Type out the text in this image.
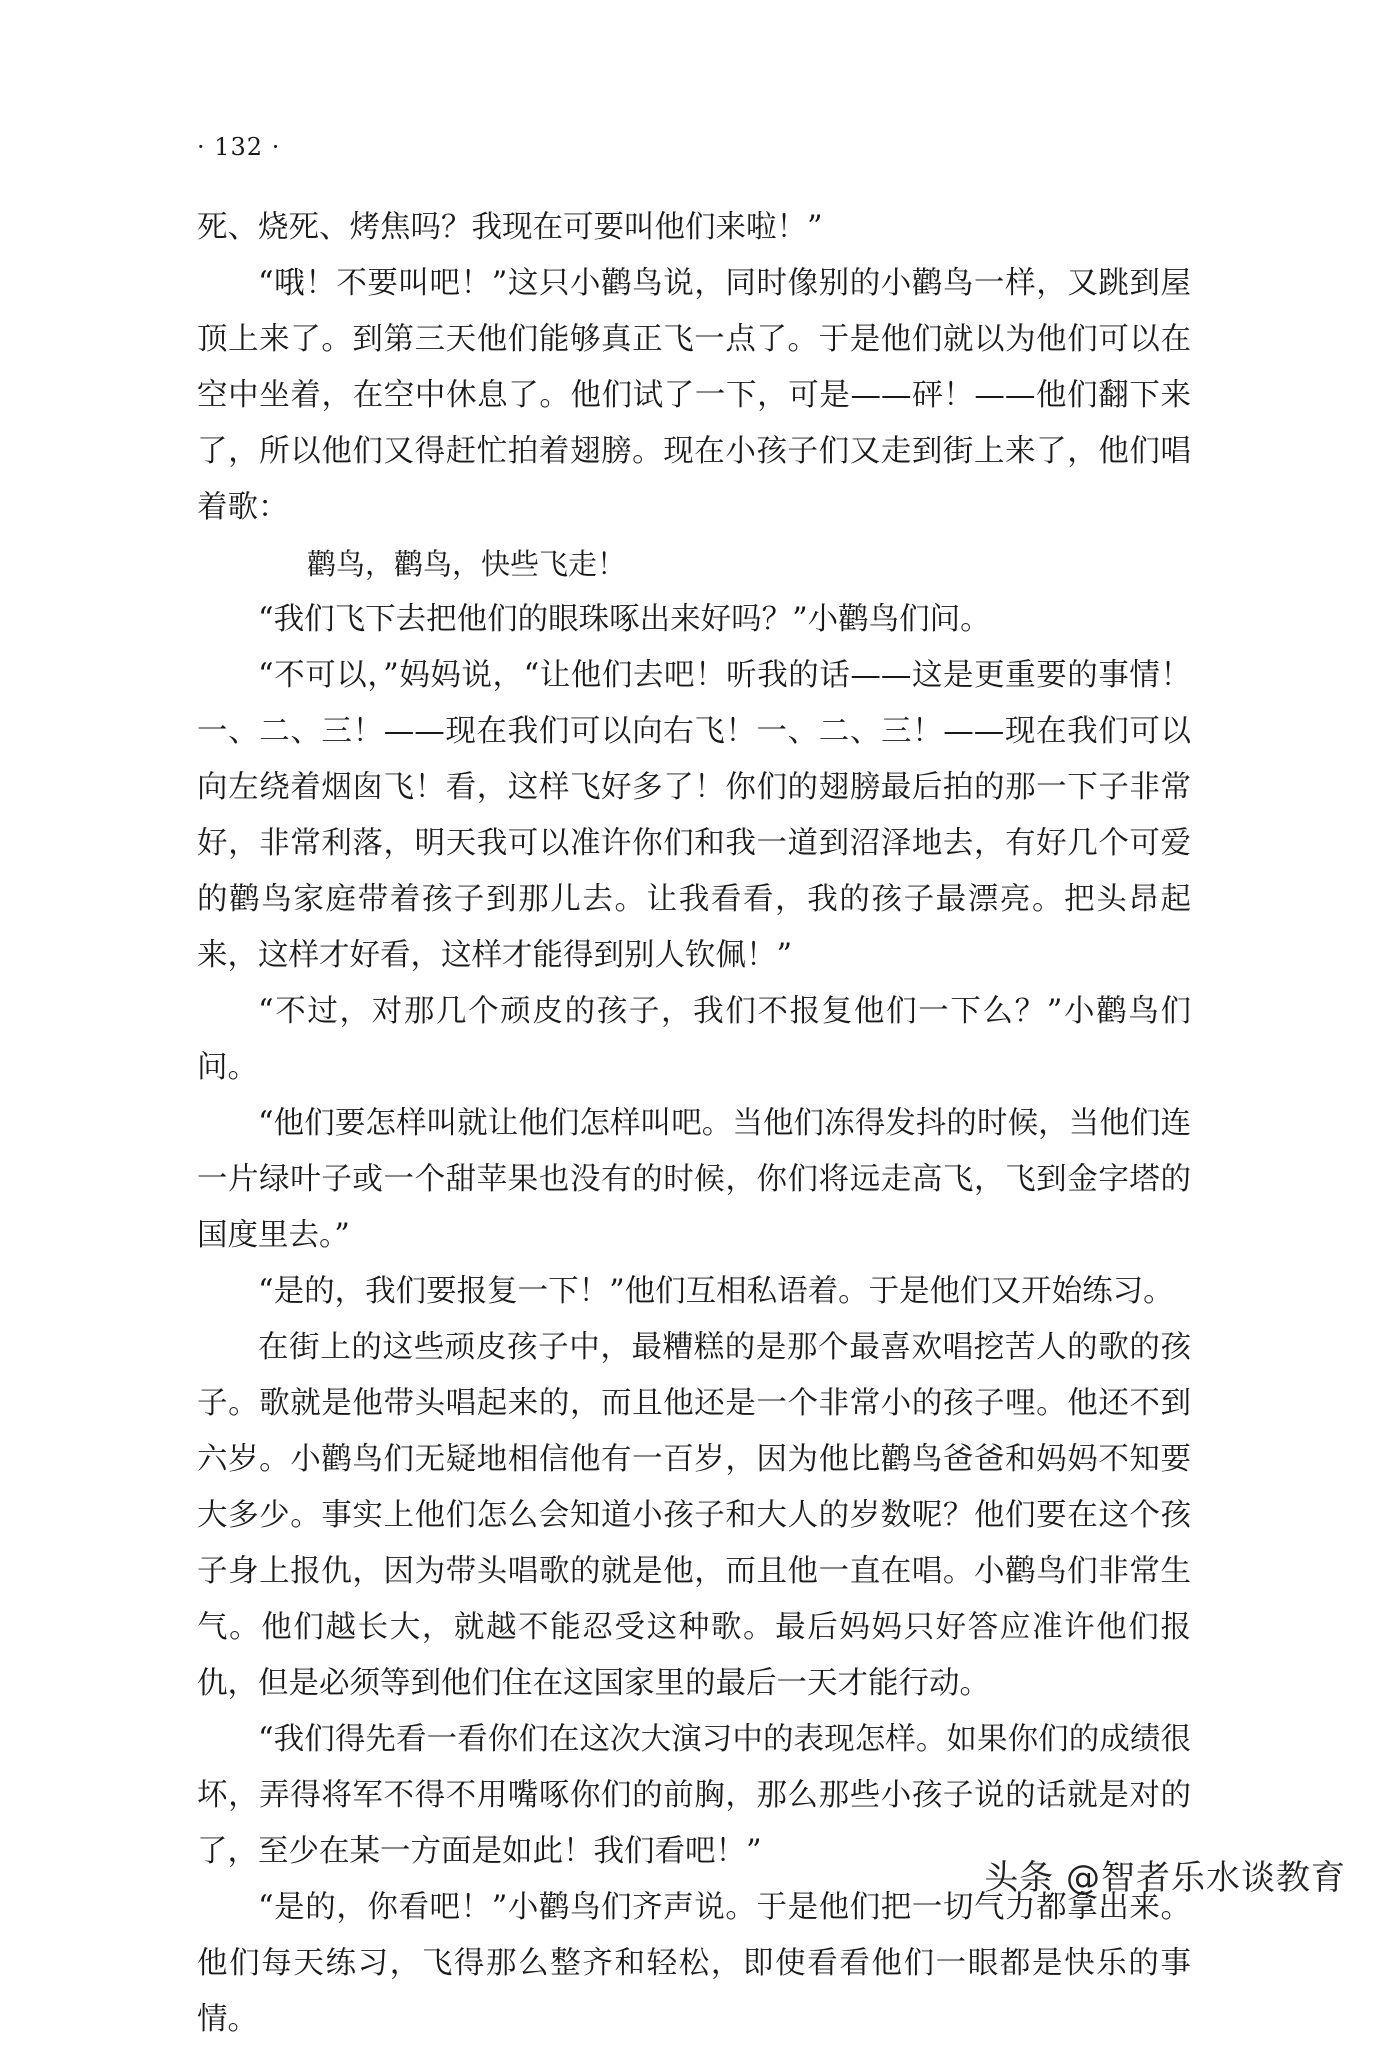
· 132 ·

死、烧死、烤焦吗？我现在可要叫他们来啦！”

“哦！不要叫吧！”这只小鹳鸟说，同时像别的小鹳鸟一样，又跳到屋顶上来了。到第三天他们能够真正飞一点了。于是他们就以为他们可以在空中坐着，在空中休息了。他们试了一下，可是——砰！——他们翻下来了，所以他们又得赶忙拍着翅膀。现在小孩子们又走到街上来了，他们唱着歌：

鹳鸟，鹳鸟，快些飞走！

“我们飞下去把他们的眼珠啄出来好吗？”小鹳鸟们问。

“不可以，”妈妈说，“让他们去吧！听我的话——这是更重要的事情！一、二、三！——现在我们可以向右飞！一、二、三！——现在我们可以向左绕着烟囱飞！看，这样飞好多了！你们的翅膀最后拍的那一下子非常好，非常利落，明天我可以准许你们和我一道到沼泽地去，有好几个可爱的鹳鸟家庭带着孩子到那儿去。让我看看，我的孩子最漂亮。把头昂起来，这样才好看，这样才能得到别人钦佩！”

“不过，对那几个顽皮的孩子，我们不报复他们一下么？”小鹳鸟们问。

“他们要怎样叫就让他们怎样叫吧。当他们冻得发抖的时候，当他们连一片绿叶子或一个甜苹果也没有的时候，你们将远走高飞，飞到金字塔的国度里去。”

“是的，我们要报复一下！”他们互相私语着。于是他们又开始练习。

在街上的这些顽皮孩子中，最糟糕的是那个最喜欢唱挖苦人的歌的孩子。歌就是他带头唱起来的，而且他还是一个非常小的孩子哩。他还不到六岁。小鹳鸟们无疑地相信他有一百岁，因为他比鹳鸟爸爸和妈妈不知要大多少。事实上他们怎么会知道小孩子和大人的岁数呢？他们要在这个孩子身上报仇，因为带头唱歌的就是他，而且他一直在唱。小鹳鸟们非常生气。他们越长大，就越不能忍受这种歌。最后妈妈只好答应准许他们报仇，但是必须等到他们住在这国家里的最后一天才能行动。

“我们得先看一看你们在这次大演习中的表现怎样。如果你们的成绩很坏，弄得将军不得不用嘴啄你们的前胸，那么那些小孩子说的话就是对的了，至少在某一方面是如此！我们看吧！”

“是的，你看吧！”小鹳鸟们齐声说。于是他们把一切气力都拿出来。他们每天练习，飞得那么整齐和轻松，即使看看他们一眼都是快乐的事情。

头条 @智者乐水谈教育
